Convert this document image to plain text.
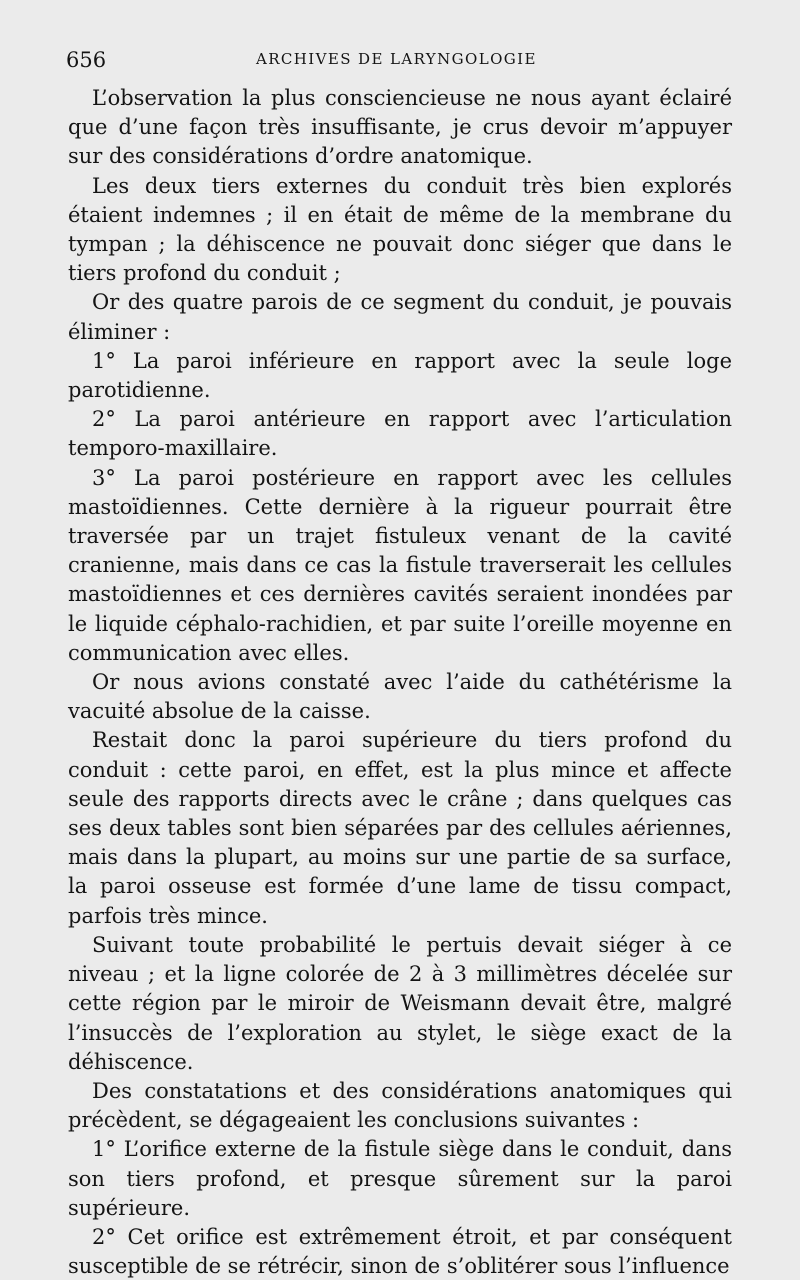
656	ARCHIVES DE LARYNGOLOGIE

L’observation la plus consciencieuse ne nous ayant éclairé que d’une façon très insuffisante, je crus devoir m’appuyer sur des considérations d’ordre anatomique.

Les deux tiers externes du conduit très bien explorés étaient indemnes ; il en était de même de la membrane du tympan ; la déhiscence ne pouvait donc siéger que dans le tiers profond du conduit ;

Or des quatre parois de ce segment du conduit, je pouvais éliminer :

1° La paroi inférieure en rapport avec la seule loge parotidienne.

2° La paroi antérieure en rapport avec l’articulation temporo-maxillaire.

3° La paroi postérieure en rapport avec les cellules mastoïdiennes. Cette dernière à la rigueur pourrait être traversée par un trajet fistuleux venant de la cavité cranienne, mais dans ce cas la fistule traverserait les cellules mastoïdiennes et ces dernières cavités seraient inondées par le liquide céphalo-rachidien, et par suite l’oreille moyenne en communication avec elles.

Or nous avions constaté avec l’aide du cathétérisme la vacuité absolue de la caisse.

Restait donc la paroi supérieure du tiers profond du conduit : cette paroi, en effet, est la plus mince et affecte seule des rapports directs avec le crâne ; dans quelques cas ses deux tables sont bien séparées par des cellules aériennes, mais dans la plupart, au moins sur une partie de sa surface, la paroi osseuse est formée d’une lame de tissu compact, parfois très mince.

Suivant toute probabilité le pertuis devait siéger à ce niveau ; et la ligne colorée de 2 à 3 millimètres décelée sur cette région par le miroir de Weismann devait être, malgré l’insuccès de l’exploration au stylet, le siège exact de la déhiscence.

Des constatations et des considérations anatomiques qui précèdent, se dégageaient les conclusions suivantes :

1° L’orifice externe de la fistule siège dans le conduit, dans son tiers profond, et presque sûrement sur la paroi supérieure.

2° Cet orifice est extrêmement étroit, et par conséquent susceptible de se rétrécir, sinon de s’oblitérer sous l’influence
